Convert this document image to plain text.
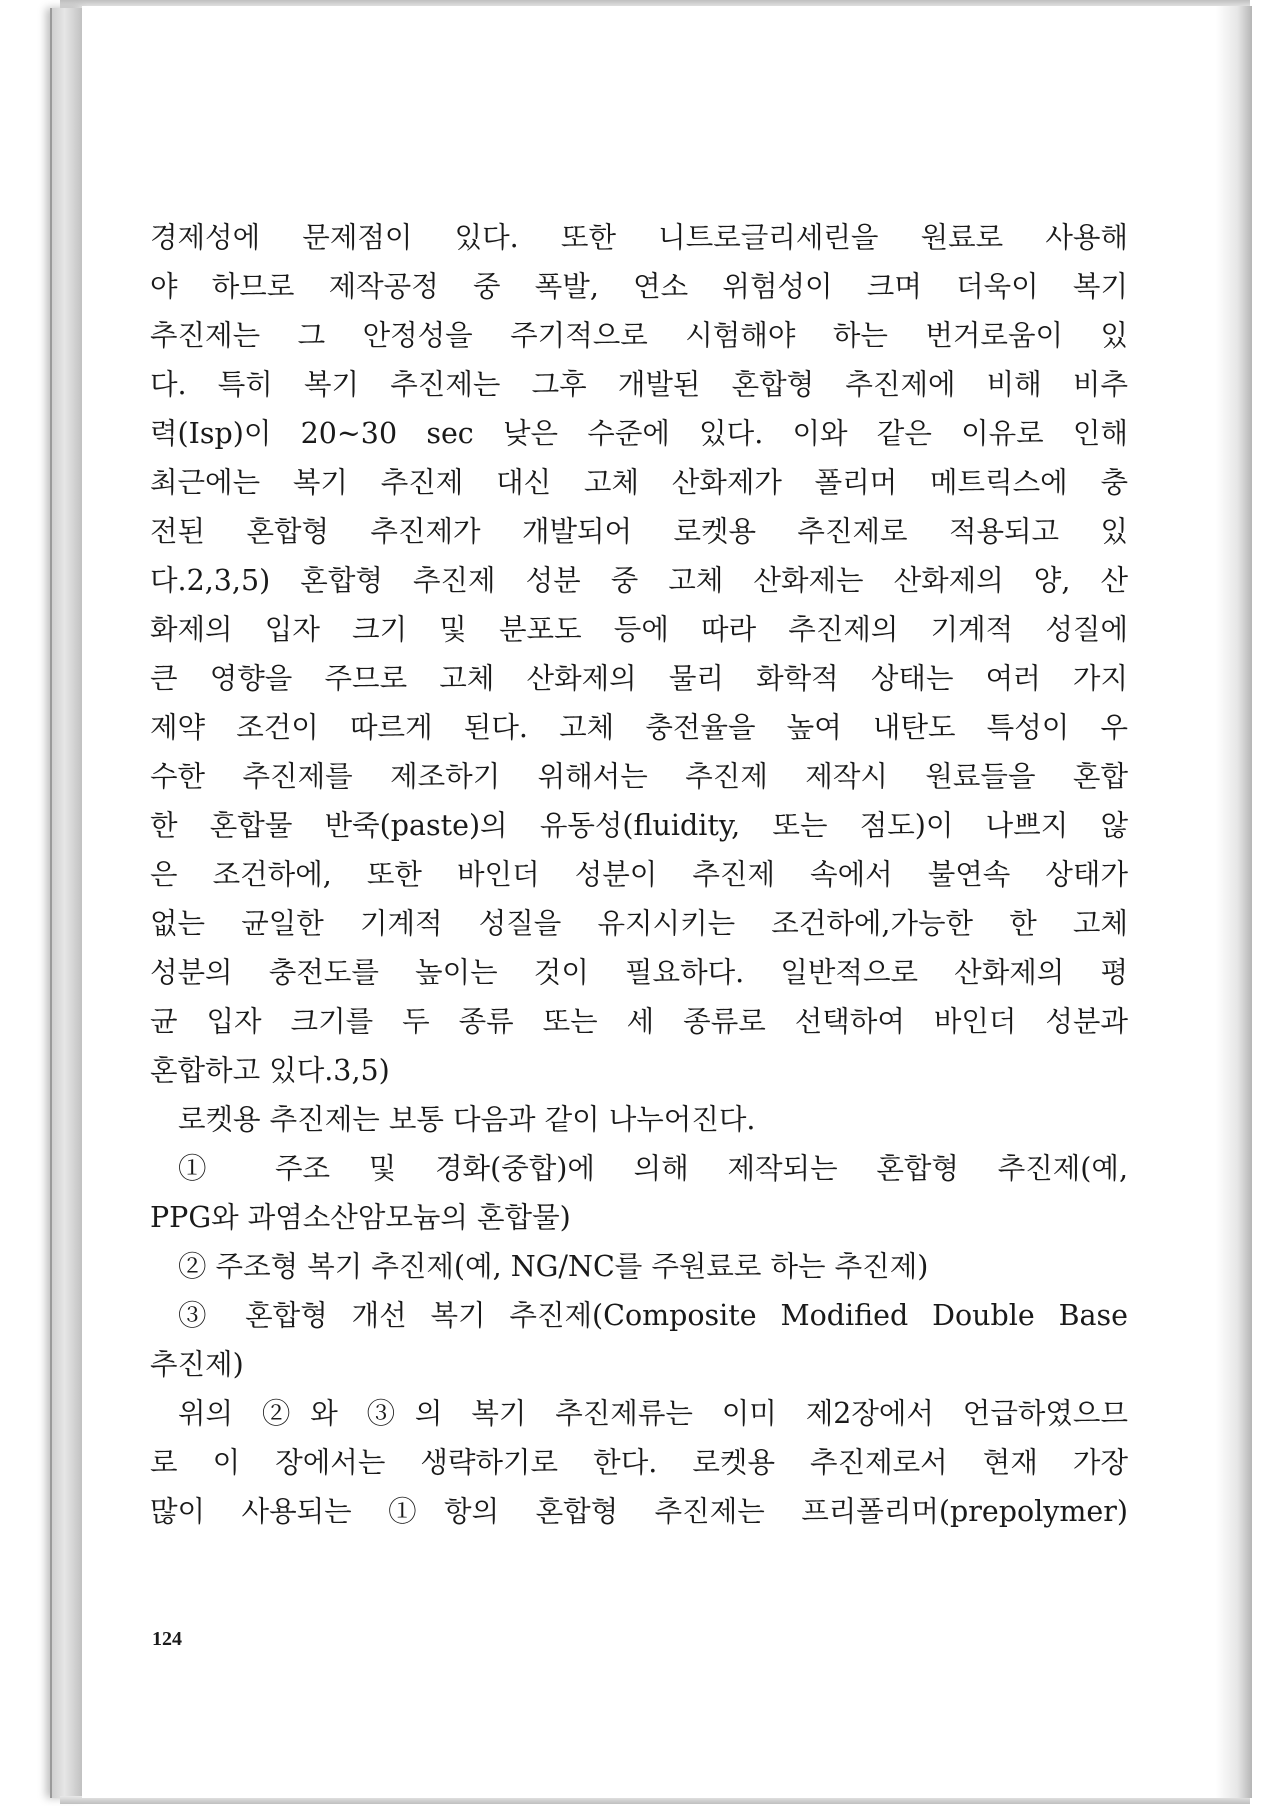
경제성에 문제점이 있다. 또한 니트로글리세린을 원료로 사용해
야 하므로 제작공정 중 폭발, 연소 위험성이 크며 더욱이 복기
추진제는 그 안정성을 주기적으로 시험해야 하는 번거로움이 있
다. 특히 복기 추진제는 그후 개발된 혼합형 추진제에 비해 비추
력(Isp)이 20~30 sec 낮은 수준에 있다. 이와 같은 이유로 인해
최근에는 복기 추진제 대신 고체 산화제가 폴리머 메트릭스에 충
전된 혼합형 추진제가 개발되어 로켓용 추진제로 적용되고 있
다.2,3,5) 혼합형 추진제 성분 중 고체 산화제는 산화제의 양, 산
화제의 입자 크기 및 분포도 등에 따라 추진제의 기계적 성질에
큰 영향을 주므로 고체 산화제의 물리 화학적 상태는 여러 가지
제약 조건이 따르게 된다. 고체 충전율을 높여 내탄도 특성이 우
수한 추진제를 제조하기 위해서는 추진제 제작시 원료들을 혼합
한 혼합물 반죽(paste)의 유동성(fluidity, 또는 점도)이 나쁘지 않
은 조건하에, 또한 바인더 성분이 추진제 속에서 불연속 상태가
없는 균일한 기계적 성질을 유지시키는 조건하에,가능한 한 고체
성분의 충전도를 높이는 것이 필요하다. 일반적으로 산화제의 평
균 입자 크기를 두 종류 또는 세 종류로 선택하여 바인더 성분과
혼합하고 있다.3,5)
로켓용 추진제는 보통 다음과 같이 나누어진다.
① 주조 및 경화(중합)에 의해 제작되는 혼합형 추진제(예,
PPG와 과염소산암모늄의 혼합물)
② 주조형 복기 추진제(예, NG/NC를 주원료로 하는 추진제)
③ 혼합형 개선 복기 추진제(Composite Modified Double Base
추진제)
위의 ②와 ③의 복기 추진제류는 이미 제2장에서 언급하였으므
로 이 장에서는 생략하기로 한다. 로켓용 추진제로서 현재 가장
많이 사용되는 ①항의 혼합형 추진제는 프리폴리머(prepolymer)
124
